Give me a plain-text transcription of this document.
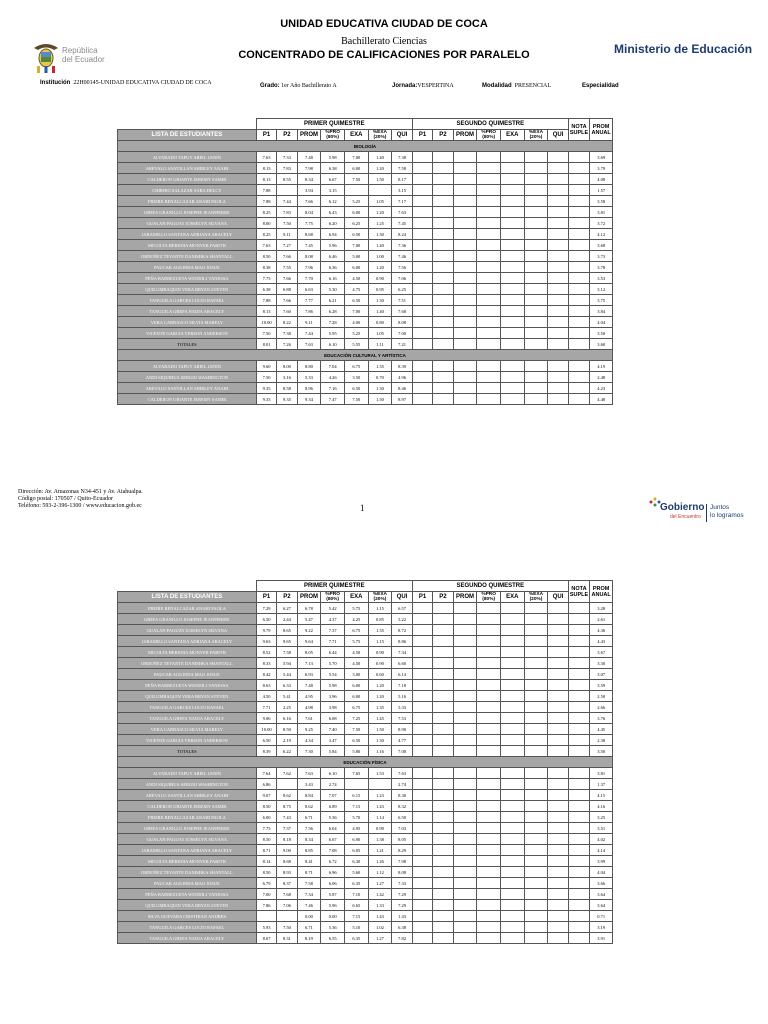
UNIDAD EDUCATIVA CIUDAD DE COCA
Bachillerato Ciencias
CONCENTRADO DE CALIFICACIONES POR PARALELO
República
del Ecuador
Ministerio de Educación
Institución 22H00145-UNIDAD EDUCATIVA CIUDAD DE COCA	Grado: 1er Año Bachillerato A	Jornada:VESPERTINA	Modalidad PRESENCIAL	Especialidad
	PRIMER QUIMESTRE							SEGUNDO QUIMESTRE							NOTA SUPLE	PROM ANUAL
LISTA DE ESTUDIANTES	P1	P2	PROM	%PRO (80%)	EXA	%EXA (20%)	QUI	P1	P2	PROM	%PRO (80%)	EXA	%EXA (20%)	QUI		
BIOLOGÍA																
ALVARADO TAPUY ARIEL LENIN	7.63	7.33	7.48	5.98	7.00	1.40	7.38									3.69
AREVALO SANTILLAN SHIRLEY ANAHI	8.13	7.83	7.98	6.38	6.00	1.20	7.58									3.79
CALDERON UBIARTE JEREMY SAMIR	8.13	8.55	8.34	6.67	7.50	1.50	8.17									4.08
CHIRIBO SALAZAR SARA DELCY	7.88		3.94	3.15			3.15									1.57
FREIRE BENALCAZAR ANAHI PAOLA	7.88	7.44	7.66	6.12	5.25	1.05	7.17									3.58
GREFA GRANILLO JOSEPHE JEANPIERRE	8.25	7.83	8.04	6.43	6.00	1.20	7.63									3.81
GUALAN PAGUAY JOSSELYN SILVANA	8.00	7.50	7.75	6.20	6.25	1.25	7.45									3.72
JARAMILLO SANTANA ADRIANA ARACELY	8.25	9.11	8.68	6.94	6.50	1.30	8.24									4.12
MICOLTA HEREDIA MONYER FARITH	7.63	7.27	7.45	5.96	7.00	1.40	7.36									3.68
ORDOÑEZ TEYANTE DANISHKA SHANTALL	8.50	7.66	8.08	6.46	5.00	1.00	7.46									3.73
PAUCAR AGUINDA MAO JOSUE	8.38	7.55	7.96	6.36	6.00	1.20	7.56									3.78
PEÑA BARREZUETA WENDILI VANESSA	7.75	7.66	7.70	6.16	4.50	0.90	7.06									3.53
QUILUMBAQUIN VERA BRYAN STEVEN	6.38	6.88	6.63	5.30	4.75	0.95	6.25									3.12
TANGUILA GARCES LUCIO RAFAEL	7.88	7.66	7.77	6.21	6.50	1.30	7.51									3.75
TANGUILA GREFA NADIA ARACELY	8.13	7.60	7.86	6.28	7.00	1.40	7.68									3.84
VERA CARRASCO SILVIA MARELY	10.00	8.22	9.11	7.28	4.00	0.80	8.08									4.04
VICENTE GARCIA YERSON ANDERSON	7.50	7.38	7.44	5.95	5.25	1.05	7.00									3.50
TOTALES	8.01	7.26	7.63	6.10	5.55	1.11	7.21									3.60
EDUCACIÓN CULTURAL Y ARTÍSTICA																
ALVARADO TAPUY ARIEL LENIN	9.60	8.00	8.80	7.04	6.75	1.35	8.39									4.19
ANDI SIQUIHUA SERGIO WASHINGTON	7.50	3.16	5.33	4.26	3.50	0.70	4.96									2.48
AREVALO SANTILLAN SHIRLEY ANAHI	9.35	8.58	8.96	7.16	6.50	1.30	8.46									4.23
CALDERON UBIARTE JEREMY SAMIR	9.33	9.35	9.34	7.47	7.50	1.50	8.97									4.48
Dirección: Av. Amazonas N34-451 y Av. Atahualpa.
Código postal: 170507 / Quito-Ecuador
Teléfono: 593-2-396-1300 / www.educacion.gob.ec	1	Gobierno
del Encuentro
Juntos
lo logramos
	PRIMER QUIMESTRE							SEGUNDO QUIMESTRE							NOTA SUPLE	PROM ANUAL
LISTA DE ESTUDIANTES	P1	P2	PROM	%PRO (80%)	EXA	%EXA (20%)	QUI	P1	P2	PROM	%PRO (80%)	EXA	%EXA (20%)	QUI		
FREIRE BENALCAZAR ANAHI PAOLA	7.29	6.27	6.78	5.42	5.75	1.15	6.57									3.28
GREFA GRANILLO JOSEPHE JEANPIERRE	6.50	2.44	5.47	4.37	4.25	0.85	5.22									2.61
GUALAN PAGUAY JOSSELYN SILVANA	9.79	8.65	9.22	7.37	6.75	1.35	8.72									4.36
JARAMILLO SANTANA ADRIANA ARACELY	9.63	9.65	9.64	7.71	5.75	1.15	8.86									4.43
MICOLTA HEREDIA MONYER FARITH	8.52	7.58	8.05	6.44	4.50	0.90	7.34									3.67
ORDOÑEZ TEYANTE DANISHKA SHANTALL	8.33	5.94	7.13	5.70	4.50	0.90	6.60									3.30
PAUCAR AGUINDA MAO JOSUE	8.42	5.44	6.93	5.54	3.00	0.60	6.14									3.07
PEÑA BARREZUETA WENDILI VANESSA	8.63	6.33	7.48	5.98	6.00	1.20	7.18									3.59
QUILUMBAQUIN VERA BRYAN STEVEN	4.50	5.41	4.95	3.96	6.00	1.20	5.16									2.58
TANGUILA GARCES LUCIO RAFAEL	7.71	2.25	4.98	3.98	6.75	1.35	5.33									2.66
TANGUILA GREFA NADIA ARACELY	9.06	6.16	7.61	6.08	7.25	1.45	7.53									3.76
VERA CARRASCO SILVIA MARELY	10.00	8.50	9.25	7.40	7.50	1.50	8.90									4.45
VICENTE GARCIA YERSON ANDERSON	6.50	2.19	4.34	3.47	6.50	1.30	4.77									2.38
TOTALES	8.39	6.22	7.30	5.84	5.80	1.16	7.00									3.50
EDUCACIÓN FÍSICA																
ALVARADO TAPUY ARIEL LENIN	7.64	7.62	7.63	6.10	7.65	1.53	7.63									3.81
ANDI SIQUIHUA SERGIO WASHINGTON	6.86		3.43	2.74			2.74									1.37
AREVALO SANTILLAN SHIRLEY ANAHI	9.07	8.62	8.84	7.07	6.15	1.23	8.30									4.15
CALDERON UBIARTE JEREMY SAMIR	8.50	8.75	8.62	6.89	7.15	1.43	8.32									4.16
FREIRE BENALCAZAR ANAHI PAOLA	6.00	7.43	6.71	5.36	5.70	1.14	6.50									3.25
GREFA GRANILLO JOSEPHE JEANPIERRE	7.75	7.37	7.56	6.04	4.95	0.99	7.03									3.51
GUALAN PAGUAY JOSSELYN SILVANA	8.50	8.18	8.34	6.67	6.90	1.38	8.05									4.02
JARAMILLO SANTANA ADRIANA ARACELY	8.71	9.00	8.85	7.08	6.05	1.21	8.29									4.14
MICOLTA HEREDIA MONYER FARITH	8.14	8.68	8.41	6.72	6.30	1.26	7.98									3.99
ORDOÑEZ TEYANTE DANISHKA SHANTALL	8.50	8.93	8.71	6.96	5.60	1.12	8.08									4.04
PAUCAR AGUINDA MAO JOSUE	6.79	8.37	7.58	6.06	6.35	1.27	7.33									3.66
PEÑA BARREZUETA WENDILI VANESSA	7.00	7.68	7.34	5.87	7.10	1.42	7.29									3.64
QUILUMBAQUIN VERA BRYAN STEVEN	7.86	7.06	7.46	5.96	6.65	1.33	7.29									3.64
SILVA GUEVARA CRISTHIAN ANDRES			0.00	0.00	7.15	1.43	1.43									0.71
TANGUILA GARCES LUCIO RAFAEL	5.93	7.50	6.71	5.36	5.10	1.02	6.38									3.19
TANGUILA GREFA NADIA ARACELY	8.07	8.31	8.19	6.55	6.35	1.27	7.82									3.91
